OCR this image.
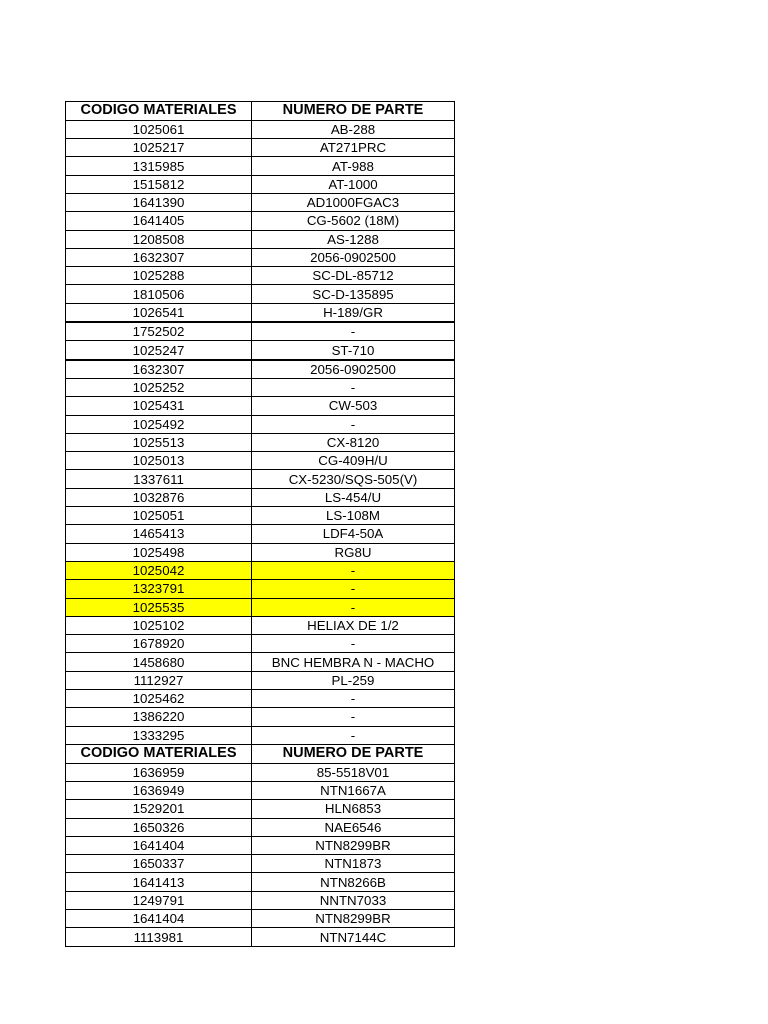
CODIGO MATERIALES	NUMERO DE PARTE
1025061	AB-288
1025217	AT271PRC
1315985	AT-988
1515812	AT-1000
1641390	AD1000FGAC3
1641405	CG-5602 (18M)
1208508	AS-1288
1632307	2056-0902500
1025288	SC-DL-85712
1810506	SC-D-135895
1026541	H-189/GR
1752502	-
1025247	ST-710
1632307	2056-0902500
1025252	-
1025431	CW-503
1025492	-
1025513	CX-8120
1025013	CG-409H/U
1337611	CX-5230/SQS-505(V)
1032876	LS-454/U
1025051	LS-108M
1465413	LDF4-50A
1025498	RG8U
1025042	-
1323791	-
1025535	-
1025102	HELIAX DE 1/2
1678920	-
1458680	BNC HEMBRA N - MACHO
1112927	PL-259
1025462	-
1386220	-
1333295	-
CODIGO MATERIALES	NUMERO DE PARTE
1636959	85-5518V01
1636949	NTN1667A
1529201	HLN6853
1650326	NAE6546
1641404	NTN8299BR
1650337	NTN1873
1641413	NTN8266B
1249791	NNTN7033
1641404	NTN8299BR
1113981	NTN7144C
